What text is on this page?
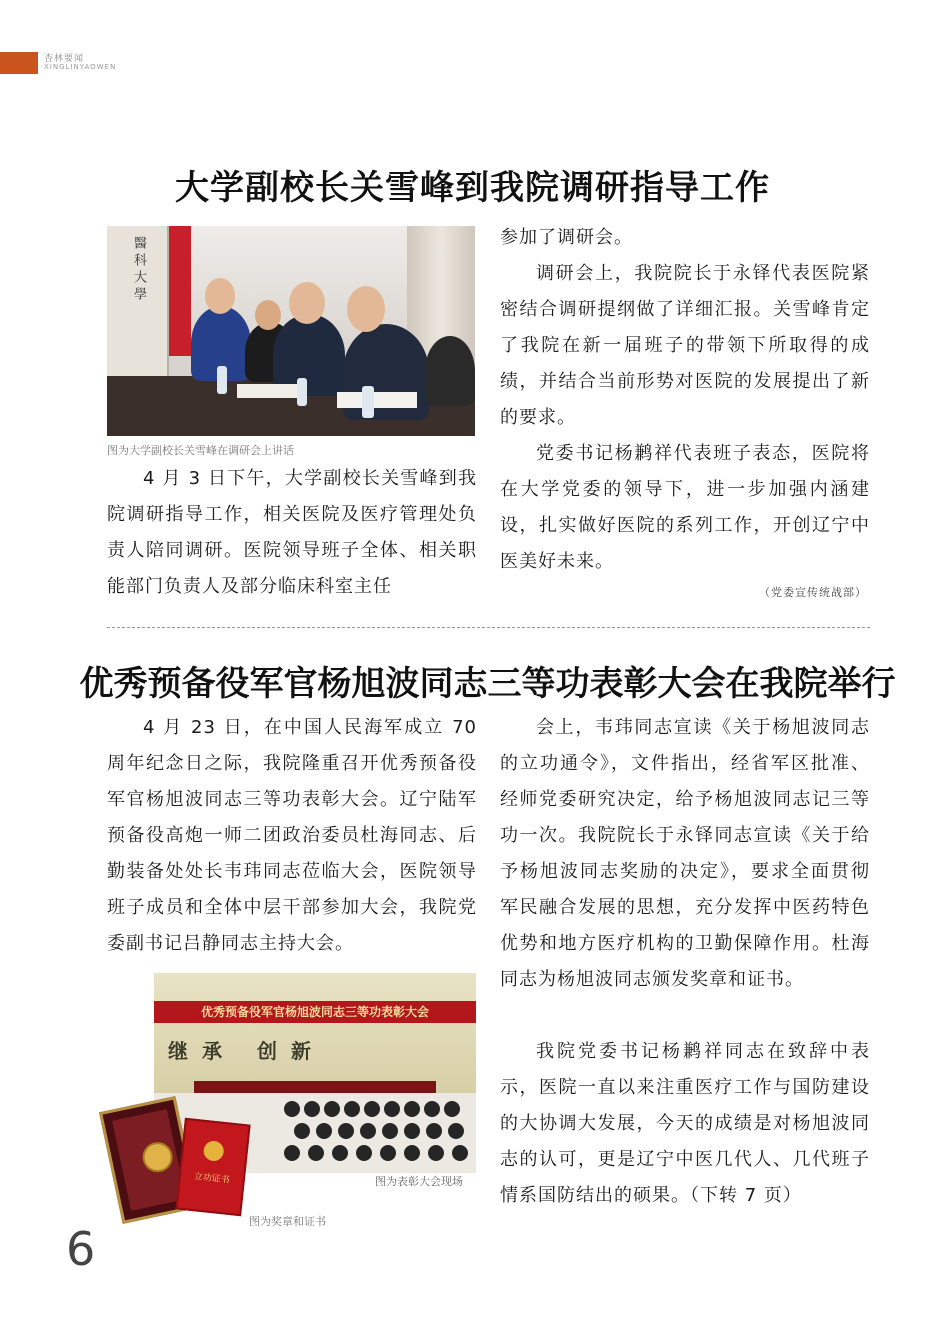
杏林要闻
XINGLINYAOWEN
大学副校长关雪峰到我院调研指导工作
醫科大學
图为大学副校长关雪峰在调研会上讲话

4 月 3 日下午，大学副校长关雪峰到我院调研指导工作，相关医院及医疗管理处负责人陪同调研。医院领导班子全体、相关职能部门负责人及部分临床科室主任

参加了调研会。

调研会上，我院院长于永铎代表医院紧密结合调研提纲做了详细汇报。关雪峰肯定了我院在新一届班子的带领下所取得的成绩，并结合当前形势对医院的发展提出了新的要求。

党委书记杨鹣祥代表班子表态，医院将在大学党委的领导下，进一步加强内涵建设，扎实做好医院的系列工作，开创辽宁中医美好未来。

（党委宣传统战部）
优秀预备役军官杨旭波同志三等功表彰大会在我院举行

4 月 23 日，在中国人民海军成立 70 周年纪念日之际，我院隆重召开优秀预备役军官杨旭波同志三等功表彰大会。辽宁陆军预备役高炮一师二团政治委员杜海同志、后勤装备处处长韦玮同志莅临大会，医院领导班子成员和全体中层干部参加大会，我院党委副书记吕静同志主持大会。

会上，韦玮同志宣读《关于杨旭波同志的立功通令》，文件指出，经省军区批准、经师党委研究决定，给予杨旭波同志记三等功一次。我院院长于永铎同志宣读《关于给予杨旭波同志奖励的决定》，要求全面贯彻军民融合发展的思想，充分发挥中医药特色优势和地方医疗机构的卫勤保障作用。杜海同志为杨旭波同志颁发奖章和证书。

我院党委书记杨鹣祥同志在致辞中表示，医院一直以来注重医疗工作与国防建设的大协调大发展，今天的成绩是对杨旭波同志的认可，更是辽宁中医几代人、几代班子情系国防结出的硕果。（下转 7 页）

优秀预备役军官杨旭波同志三等功表彰大会
继承 创新
图为表彰大会现场
立功证书
图为奖章和证书
6
